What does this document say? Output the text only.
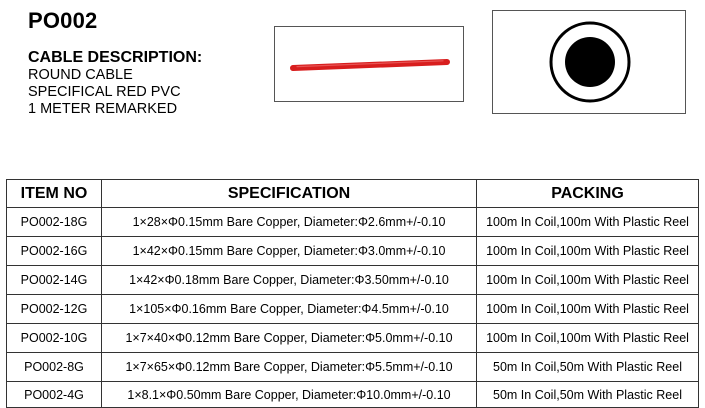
PO002
CABLE DESCRIPTION:
ROUND CABLE
SPECIFICAL RED PVC
1 METER REMARKED
ITEM NO	SPECIFICATION	PACKING
PO002-18G	1×28×Φ0.15mm Bare Copper, Diameter:Φ2.6mm+/-0.10	100m In Coil,100m With Plastic Reel
PO002-16G	1×42×Φ0.15mm Bare Copper, Diameter:Φ3.0mm+/-0.10	100m In Coil,100m With Plastic Reel
PO002-14G	1×42×Φ0.18mm Bare Copper, Diameter:Φ3.50mm+/-0.10	100m In Coil,100m With Plastic Reel
PO002-12G	1×105×Φ0.16mm Bare Copper, Diameter:Φ4.5mm+/-0.10	100m In Coil,100m With Plastic Reel
PO002-10G	1×7×40×Φ0.12mm Bare Copper, Diameter:Φ5.0mm+/-0.10	100m In Coil,100m With Plastic Reel
PO002-8G	1×7×65×Φ0.12mm Bare Copper, Diameter:Φ5.5mm+/-0.10	50m In Coil,50m With Plastic Reel
PO002-4G	1×8.1×Φ0.50mm Bare Copper, Diameter:Φ10.0mm+/-0.10	50m In Coil,50m With Plastic Reel
